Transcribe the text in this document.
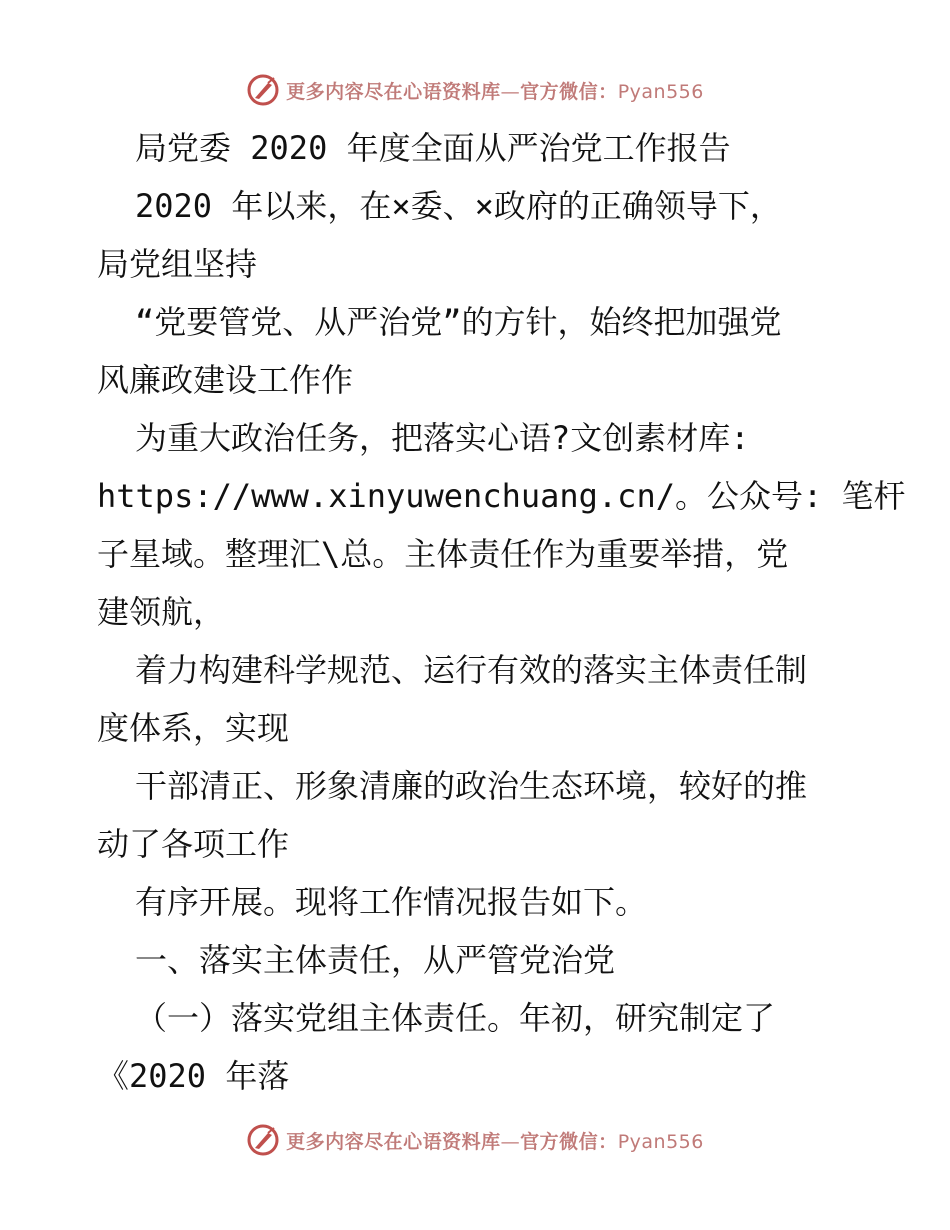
更多内容尽在心语资料库—官方微信：Pyan556
局党委 2020 年度全面从严治党工作报告
2020 年以来，在×委、×政府的正确领导下，
局党组坚持
“党要管党、从严治党”的方针，始终把加强党
风廉政建设工作作
为重大政治任务，把落实心语?文创素材库:
https://www.xinyuwenchuang.cn/。公众号: 笔杆
子星域。整理汇\总。主体责任作为重要举措，党
建领航，
着力构建科学规范、运行有效的落实主体责任制
度体系，实现
干部清正、形象清廉的政治生态环境，较好的推
动了各项工作
有序开展。现将工作情况报告如下。
一、落实主体责任，从严管党治党
（一）落实党组主体责任。年初，研究制定了
《2020 年落
更多内容尽在心语资料库—官方微信：Pyan556
